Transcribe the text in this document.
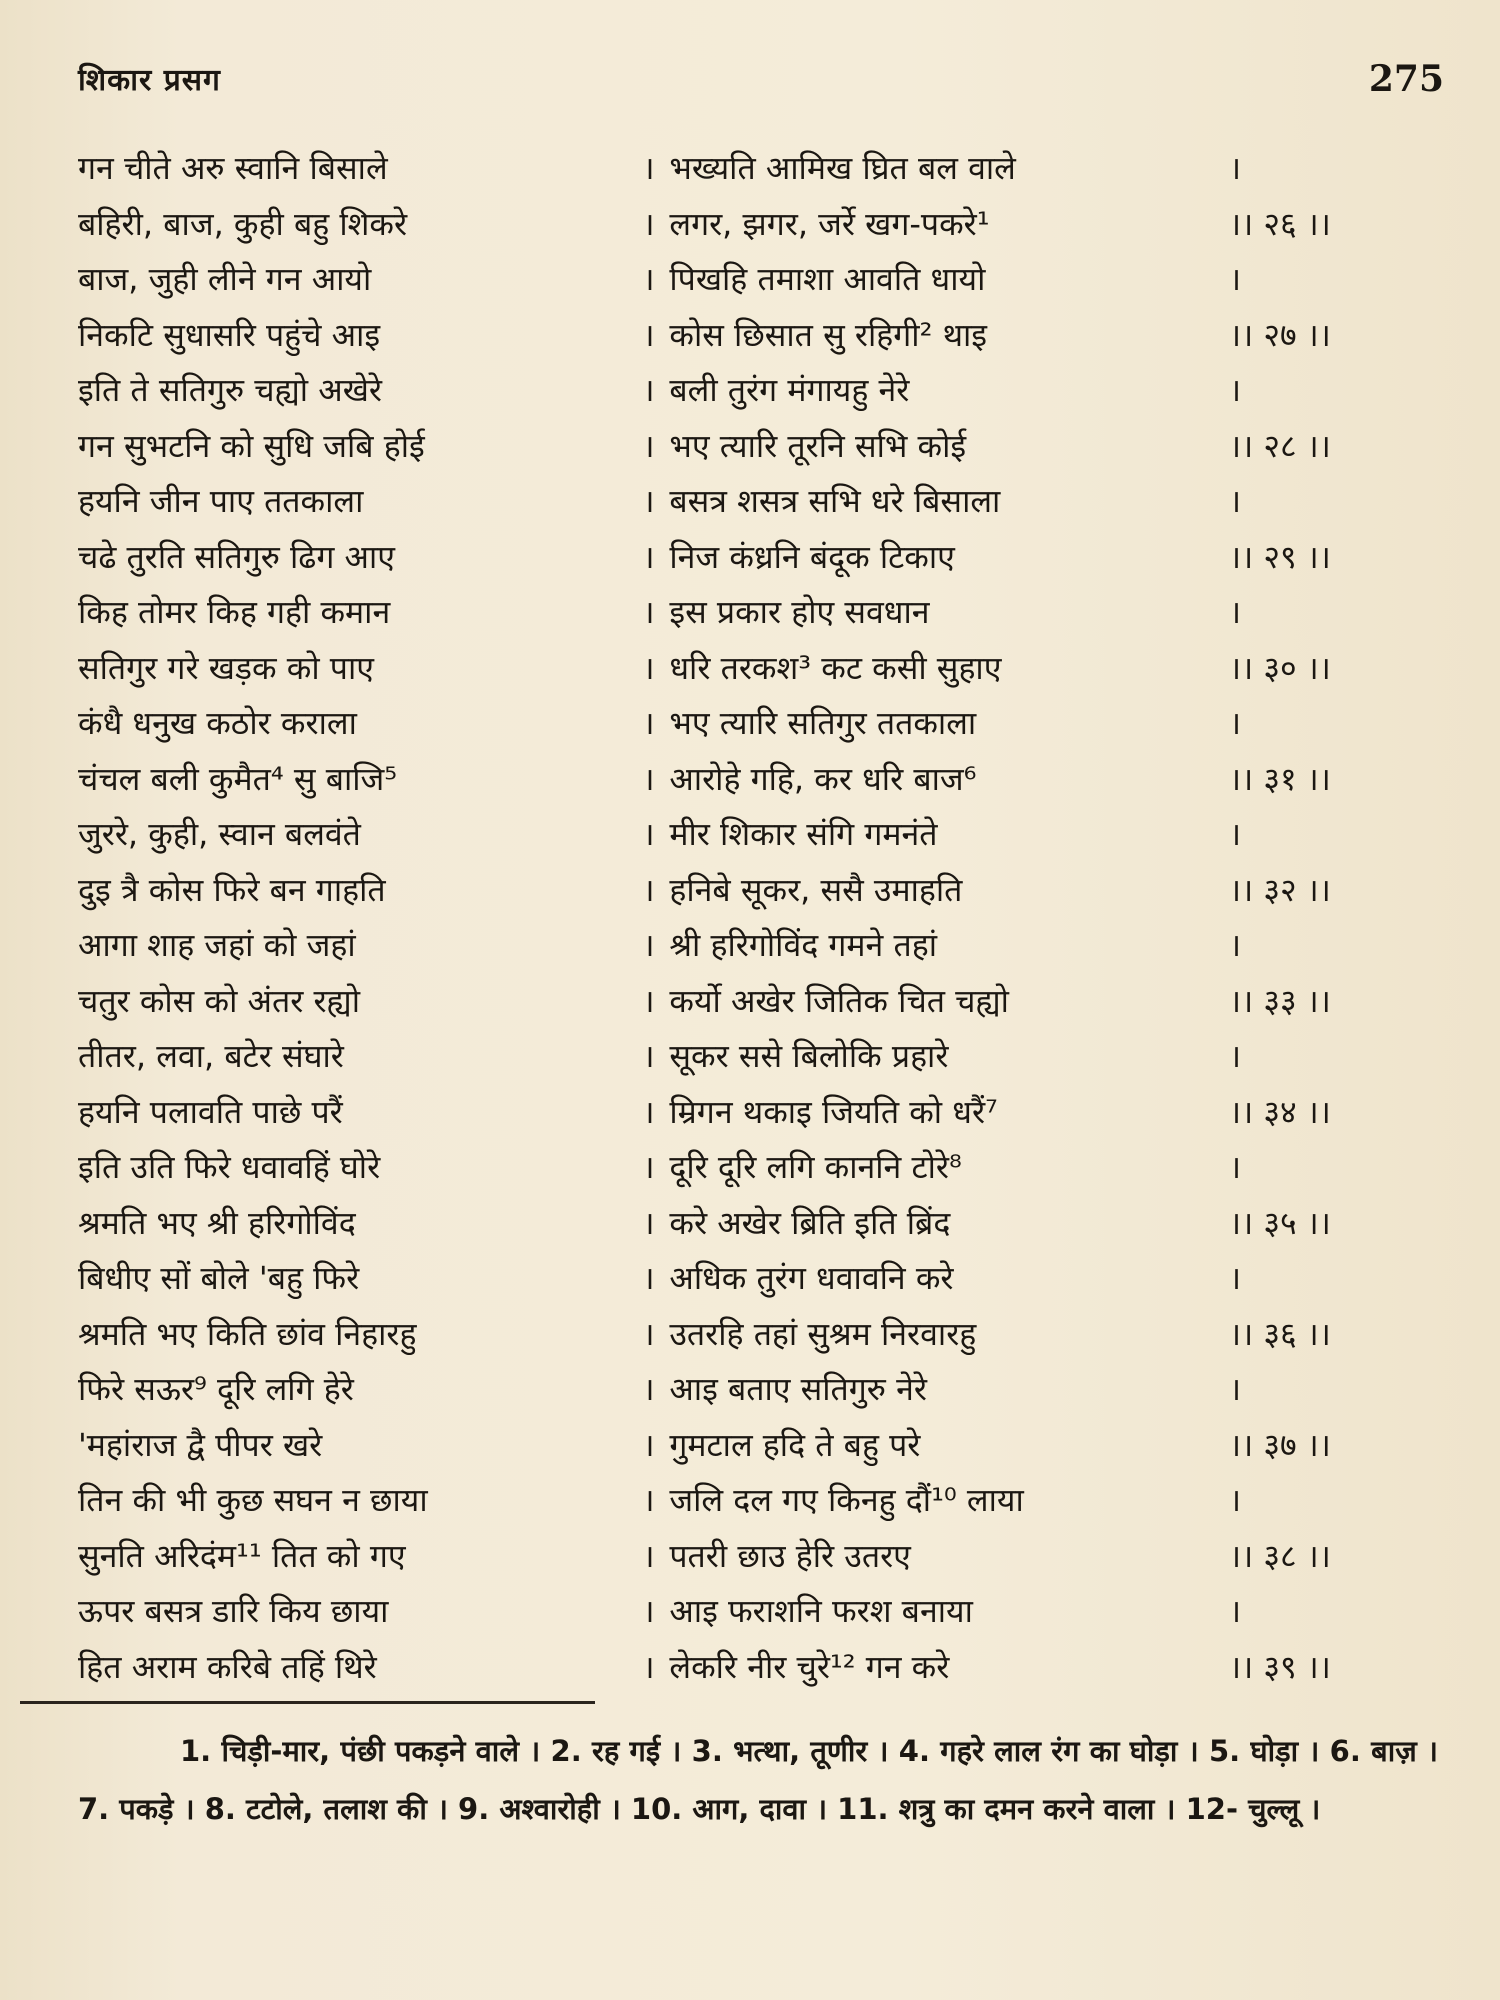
शिकार प्रसग	275
गन चीते अरु स्वानि बिसाले	। भख्यति आमिख घ्रित बल वाले	।
बहिरी, बाज, कुही बहु शिकरे	। लगर, झगर, जर्रे खग-पकरे¹	।। २६ ।।
बाज, जुही लीने गन आयो	। पिखहि तमाशा आवति धायो	।
निकटि सुधासरि पहुंचे आइ	। कोस छिसात सु रहिगी² थाइ	।। २७ ।।
इति ते सतिगुरु चह्यो अखेरे	। बली तुरंग मंगायहु नेरे	।
गन सुभटनि को सुधि जबि होई	। भए त्यारि तूरनि सभि कोई	।। २८ ।।
हयनि जीन पाए ततकाला	। बसत्र शसत्र सभि धरे बिसाला	।
चढे तुरति सतिगुरु ढिग आए	। निज कंध्रनि बंदूक टिकाए	।। २९ ।।
किह तोमर किह गही कमान	। इस प्रकार होए सवधान	।
सतिगुर गरे खड़क को पाए	। धरि तरकश³ कट कसी सुहाए	।। ३० ।।
कंधै धनुख कठोर कराला	। भए त्यारि सतिगुर ततकाला	।
चंचल बली कुमैत⁴ सु बाजि⁵	। आरोहे गहि, कर धरि बाज⁶	।। ३१ ।।
जुररे, कुही, स्वान बलवंते	। मीर शिकार संगि गमनंते	।
दुइ त्रै कोस फिरे बन गाहति	। हनिबे सूकर, ससै उमाहति	।। ३२ ।।
आगा शाह जहां को जहां	। श्री हरिगोविंद गमने तहां	।
चतुर कोस को अंतर रह्यो	। कर्यो अखेर जितिक चित चह्यो	।। ३३ ।।
तीतर, लवा, बटेर संघारे	। सूकर ससे बिलोकि प्रहारे	।
हयनि पलावति पाछे परैं	। म्रिगन थकाइ जियति को धरैं⁷	।। ३४ ।।
इति उति फिरे धवावहिं घोरे	। दूरि दूरि लगि काननि टोरे⁸	।
श्रमति भए श्री हरिगोविंद	। करे अखेर ब्रिति इति ब्रिंद	।। ३५ ।।
बिधीए सों बोले 'बहु फिरे	। अधिक तुरंग धवावनि करे	।
श्रमति भए किति छांव निहारहु	। उतरहि तहां सुश्रम निरवारहु	।। ३६ ।।
फिरे सऊर⁹ दूरि लगि हेरे	। आइ बताए सतिगुरु नेरे	।
'महांराज द्वै पीपर खरे	। गुमटाल हदि ते बहु परे	।। ३७ ।।
तिन की भी कुछ सघन न छाया	। जलि दल गए किनहु दौं¹⁰ लाया	।
सुनति अरिदंम¹¹ तित को गए	। पतरी छाउ हेरि उतरए	।। ३८ ।।
ऊपर बसत्र डारि किय छाया	। आइ फराशनि फरश बनाया	।
हित अराम करिबे तहिं थिरे	। लेकरि नीर चुरे¹² गन करे	।। ३९ ।।
1. चिड़ी-मार, पंछी पकड़ने वाले । 2. रह गई । 3. भत्था, तूणीर । 4. गहरे लाल रंग का घोड़ा । 5. घोड़ा । 6. बाज़ । 7. पकड़े । 8. टटोले, तलाश की । 9. अश्वारोही । 10. आग, दावा । 11. शत्रु का दमन करने वाला । 12- चुल्लू ।
